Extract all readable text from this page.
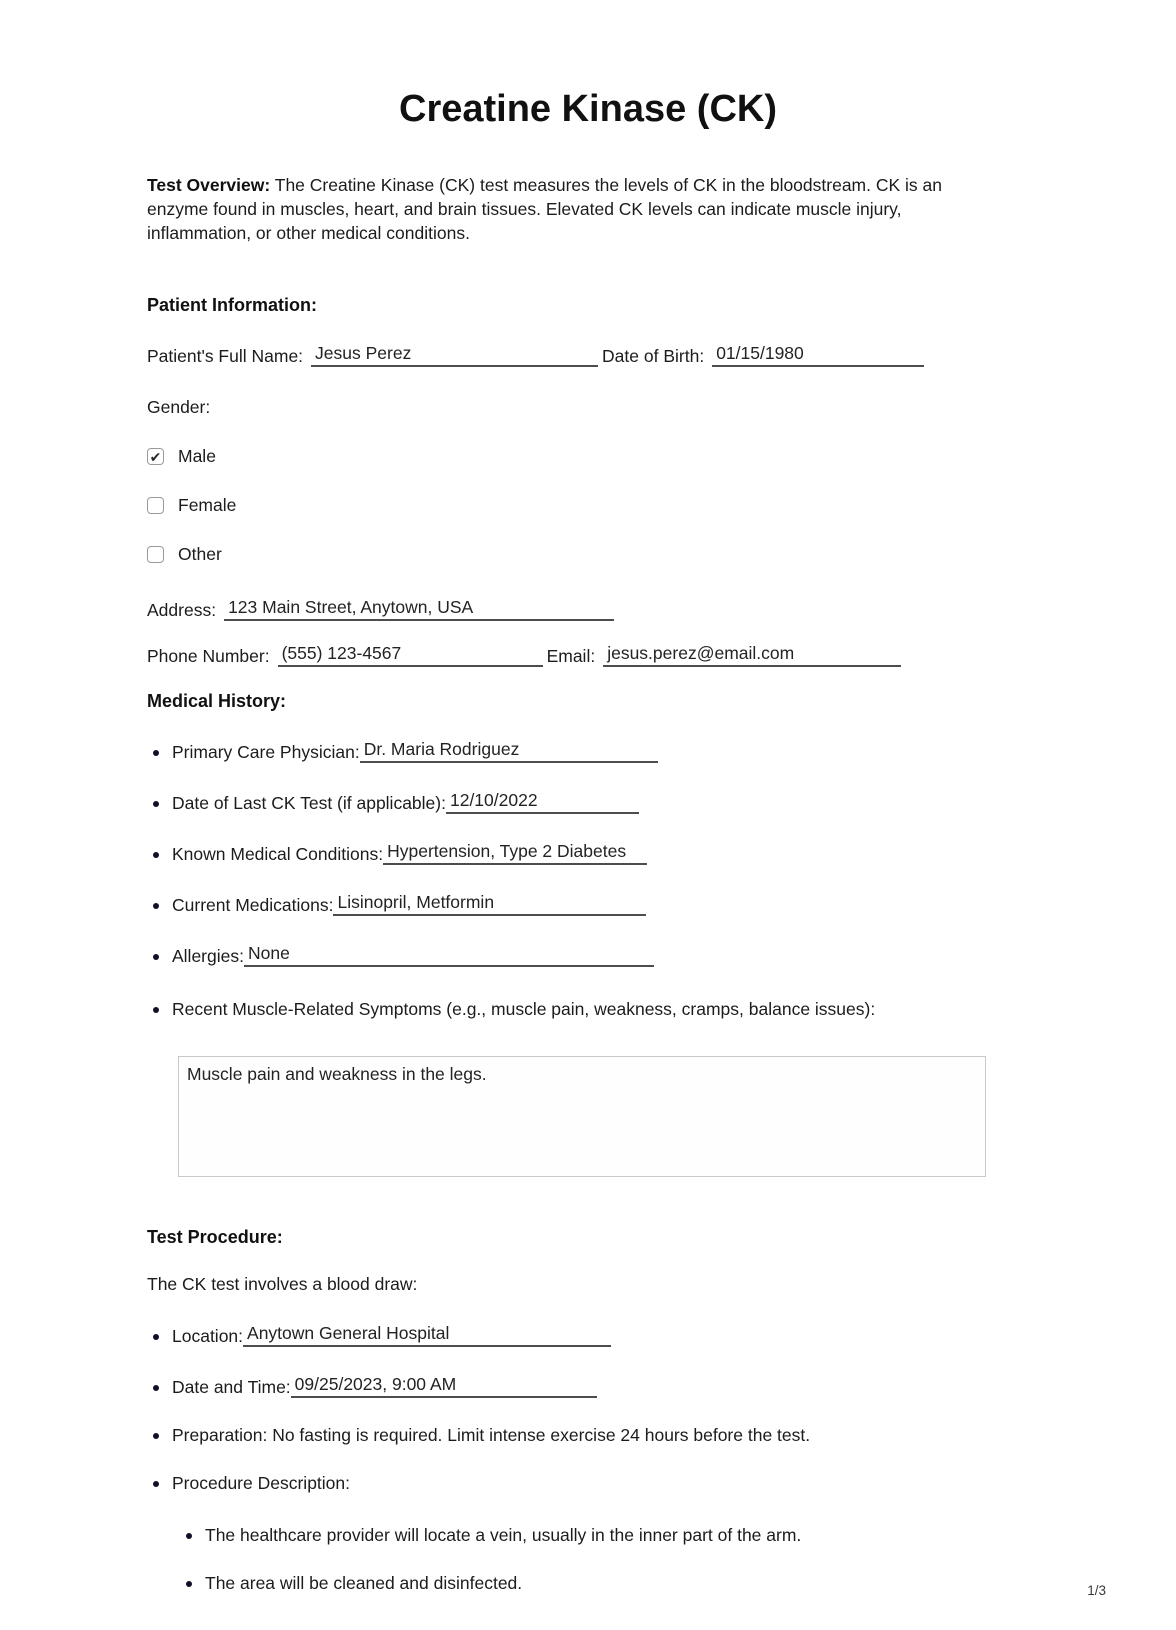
Creatine Kinase (CK)

Test Overview: The Creatine Kinase (CK) test measures the levels of CK in the bloodstream. CK is an enzyme found in muscles, heart, and brain tissues. Elevated CK levels can indicate muscle injury, inflammation, or other medical conditions.

Patient Information:
Patient's Full Name: Jesus Perez	Date of Birth: 01/15/1980
Gender:
✔ Male
Female
Other
Address: 123 Main Street, Anytown, USA
Phone Number: (555) 123-4567	Email: jesus.perez@email.com
Medical History:
Primary Care Physician: Dr. Maria Rodriguez
Date of Last CK Test (if applicable): 12/10/2022
Known Medical Conditions: Hypertension, Type 2 Diabetes
Current Medications: Lisinopril, Metformin
Allergies: None
Recent Muscle-Related Symptoms (e.g., muscle pain, weakness, cramps, balance issues):
Muscle pain and weakness in the legs.
Test Procedure:

The CK test involves a blood draw:

Location: Anytown General Hospital
Date and Time: 09/25/2023, 9:00 AM
Preparation: No fasting is required. Limit intense exercise 24 hours before the test.
Procedure Description:
The healthcare provider will locate a vein, usually in the inner part of the arm.
The area will be cleaned and disinfected.	1/3
